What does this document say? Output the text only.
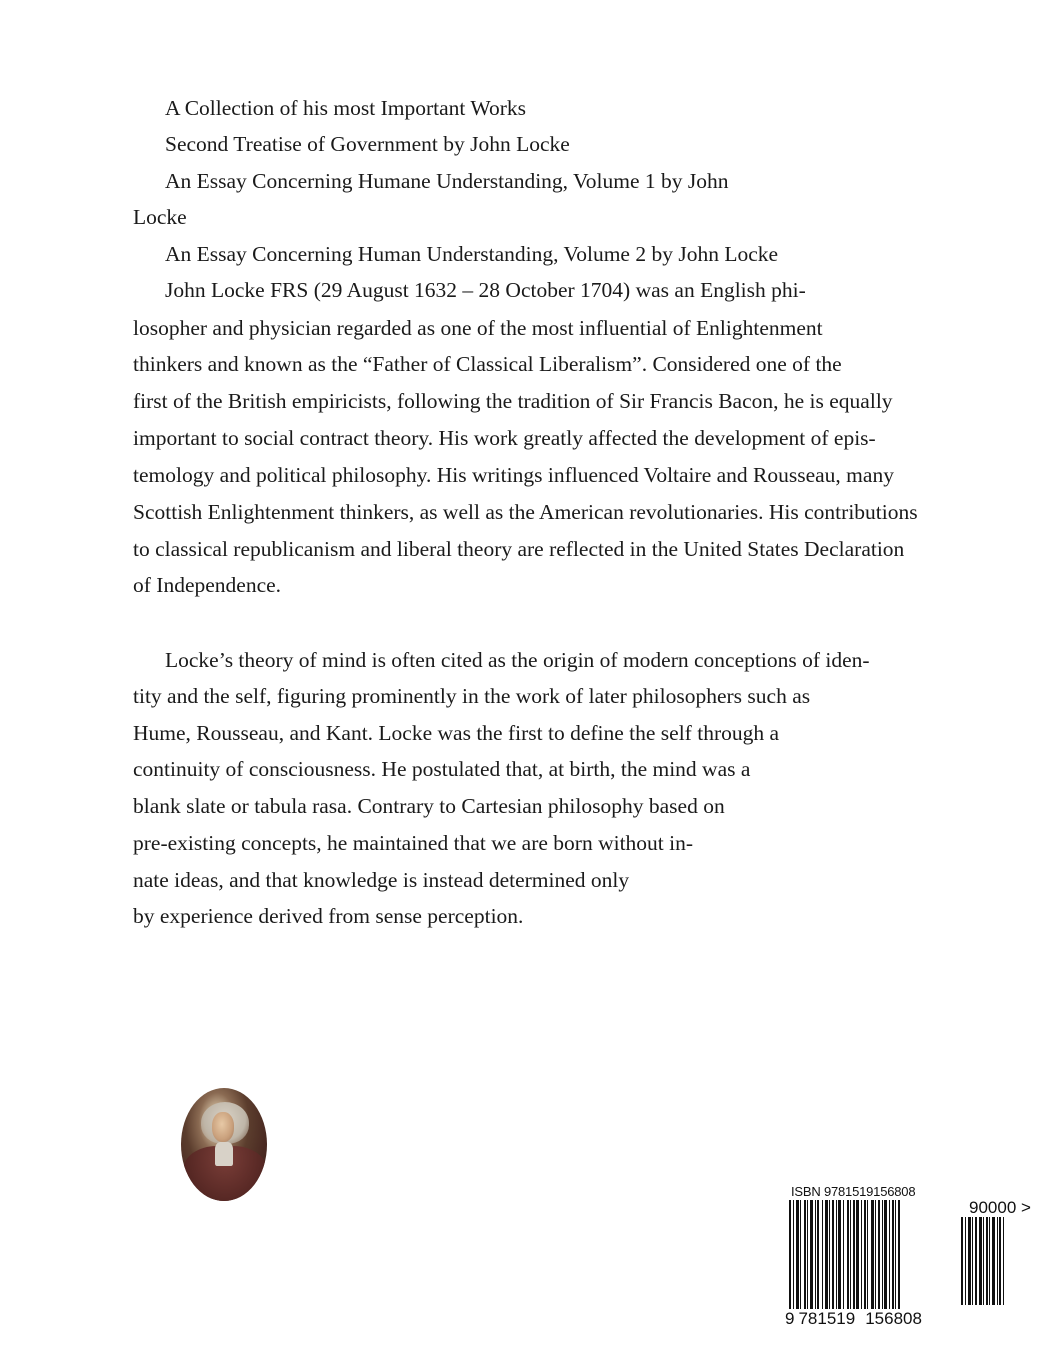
A Collection of his most Important Works
Second Treatise of Government by John Locke
An Essay Concerning Humane Understanding, Volume 1 by John
Locke
An Essay Concerning Human Understanding, Volume 2 by John Locke
John Locke FRS (29 August 1632 – 28 October 1704) was an English phi-
losopher and physician regarded as one of the most influential of Enlightenment
thinkers and known as the “Father of Classical Liberalism”. Considered one of the
first of the British empiricists, following the tradition of Sir Francis Bacon, he is equally
important to social contract theory. His work greatly affected the development of epis-
temology and political philosophy. His writings influenced Voltaire and Rousseau, many
Scottish Enlightenment thinkers, as well as the American revolutionaries. His contributions
to classical republicanism and liberal theory are reflected in the United States Declaration
of Independence.
Locke’s theory of mind is often cited as the origin of modern conceptions of iden-
tity and the self, figuring prominently in the work of later philosophers such as
Hume, Rousseau, and Kant. Locke was the first to define the self through a
continuity of consciousness. He postulated that, at birth, the mind was a
blank slate or tabula rasa. Contrary to Cartesian philosophy based on
pre-existing concepts, he maintained that we are born without in-
nate ideas, and that knowledge is instead determined only
by experience derived from sense perception.
ISBN 9781519156808
90000 >
9 781519 156808
